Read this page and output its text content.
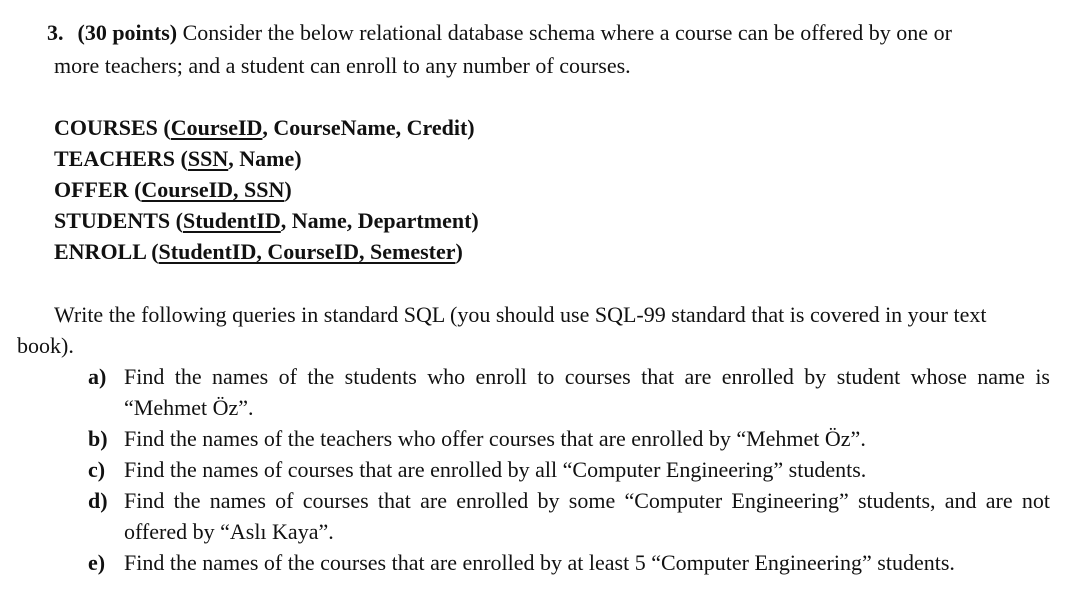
3. (30 points) Consider the below relational database schema where a course can be offered by one or
more teachers; and a student can enroll to any number of courses.
COURSES (CourseID, CourseName, Credit)
TEACHERS (SSN, Name)
OFFER (CourseID, SSN)
STUDENTS (StudentID, Name, Department)
ENROLL (StudentID, CourseID, Semester)
Write the following queries in standard SQL (you should use SQL-99 standard that is covered in your text
book).
a) Find the names of the students who enroll to courses that are enrolled by student whose name is “Mehmet Öz”.
b) Find the names of the teachers who offer courses that are enrolled by “Mehmet Öz”.
c) Find the names of courses that are enrolled by all “Computer Engineering” students.
d) Find the names of courses that are enrolled by some “Computer Engineering” students, and are not offered by “Aslı Kaya”.
e) Find the names of the courses that are enrolled by at least 5 “Computer Engineering” students.
